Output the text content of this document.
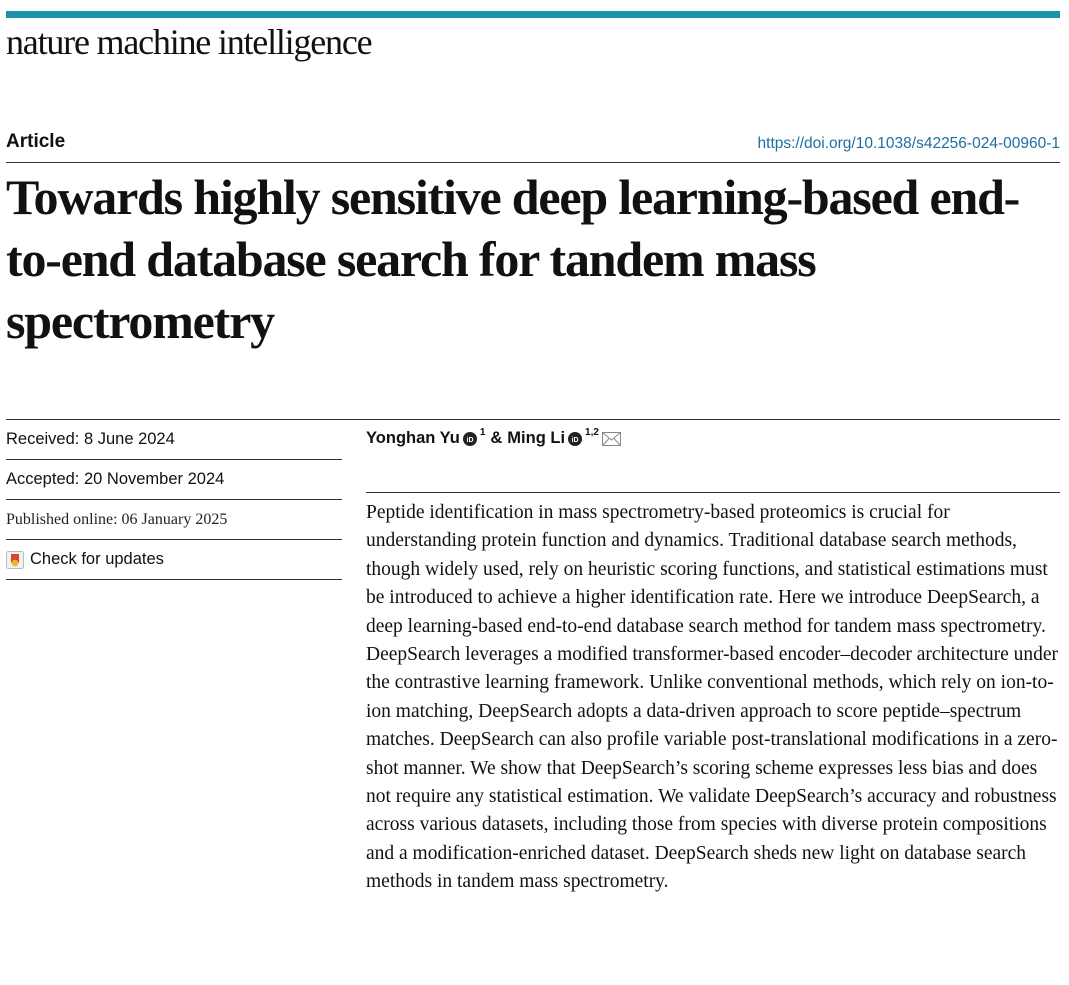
nature machine intelligence
Article	https://doi.org/10.1038/s42256-024-00960-1
Towards highly sensitive deep learning-based end-to-end database search for tandem mass spectrometry
Received: 8 June 2024
Accepted: 20 November 2024
Published online: 06 January 2025
Check for updates
Yonghan Yu iD
1 & Ming Li iD
1,2

Peptide identification in mass spectrometry-based proteomics is crucial for understanding protein function and dynamics. Traditional database search methods, though widely used, rely on heuristic scoring functions, and statistical estimations must be introduced to achieve a higher identification rate. Here we introduce DeepSearch, a deep learning-based end-to-end database search method for tandem mass spectrometry. DeepSearch leverages a modified transformer-based encoder–decoder architecture under the contrastive learning framework. Unlike conventional methods, which rely on ion-to-ion matching, DeepSearch adopts a data-driven approach to score peptide–spectrum matches. DeepSearch can also profile variable post-translational modifications in a zero-shot manner. We show that DeepSearch’s scoring scheme expresses less bias and does not require any statistical estimation. We validate DeepSearch’s accuracy and robustness across various datasets, including those from species with diverse protein compositions and a modification-enriched dataset. DeepSearch sheds new light on database search methods in tandem mass spectrometry.
